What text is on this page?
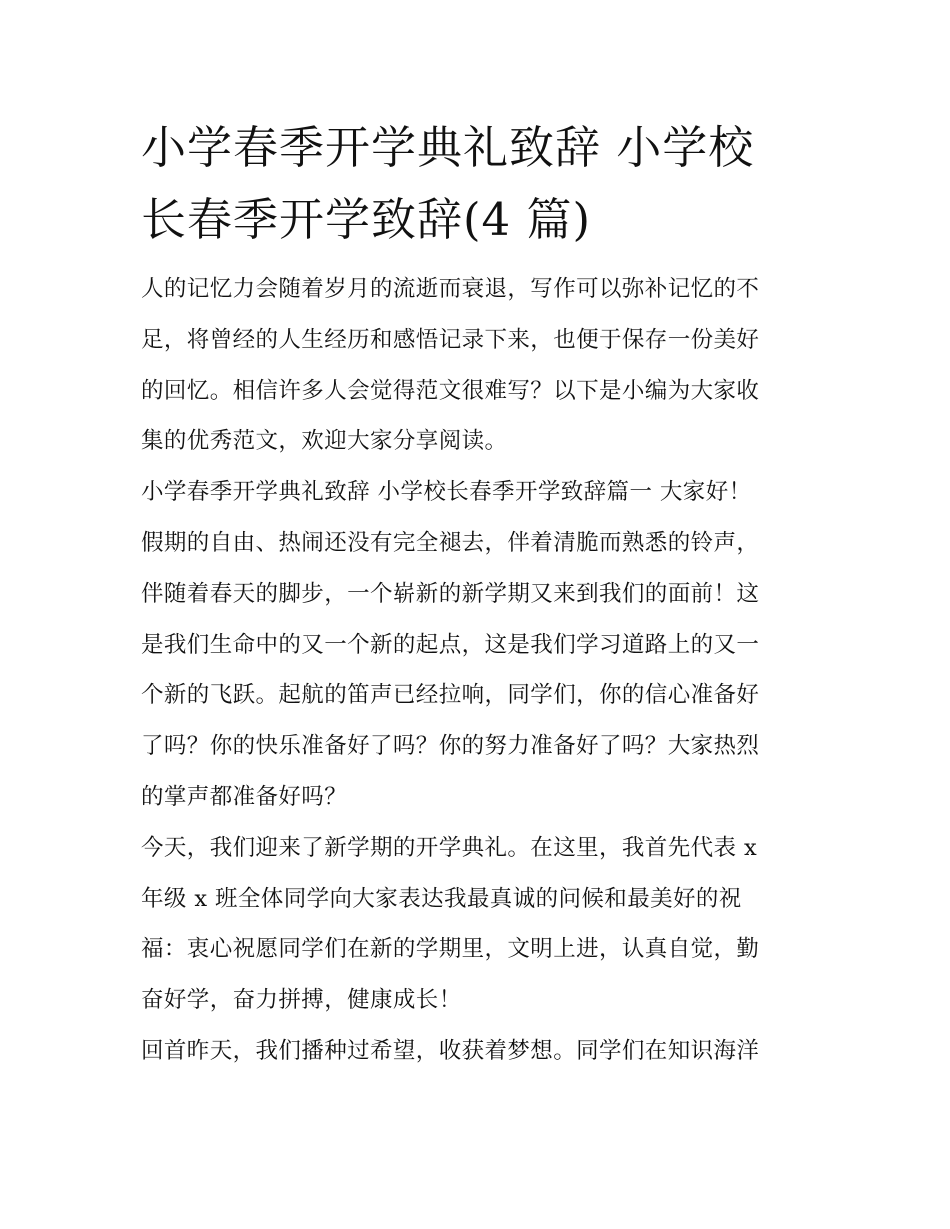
小学春季开学典礼致辞 小学校
长春季开学致辞(4 篇)

人的记忆力会随着岁月的流逝而衰退，写作可以弥补记忆的不
足，将曾经的人生经历和感悟记录下来，也便于保存一份美好
的回忆。相信许多人会觉得范文很难写？以下是小编为大家收
集的优秀范文，欢迎大家分享阅读。

小学春季开学典礼致辞 小学校长春季开学致辞篇一 大家好！

假期的自由、热闹还没有完全褪去，伴着清脆而熟悉的铃声，
伴随着春天的脚步，一个崭新的新学期又来到我们的面前！这
是我们生命中的又一个新的起点，这是我们学习道路上的又一
个新的飞跃。起航的笛声已经拉响，同学们，你的信心准备好
了吗？你的快乐准备好了吗？你的努力准备好了吗？大家热烈
的掌声都准备好吗？

今天，我们迎来了新学期的开学典礼。在这里，我首先代表 x
年级 x 班全体同学向大家表达我最真诚的问候和最美好的祝
福：衷心祝愿同学们在新的学期里，文明上进，认真自觉，勤
奋好学，奋力拼搏，健康成长！

回首昨天，我们播种过希望，收获着梦想。同学们在知识海洋
